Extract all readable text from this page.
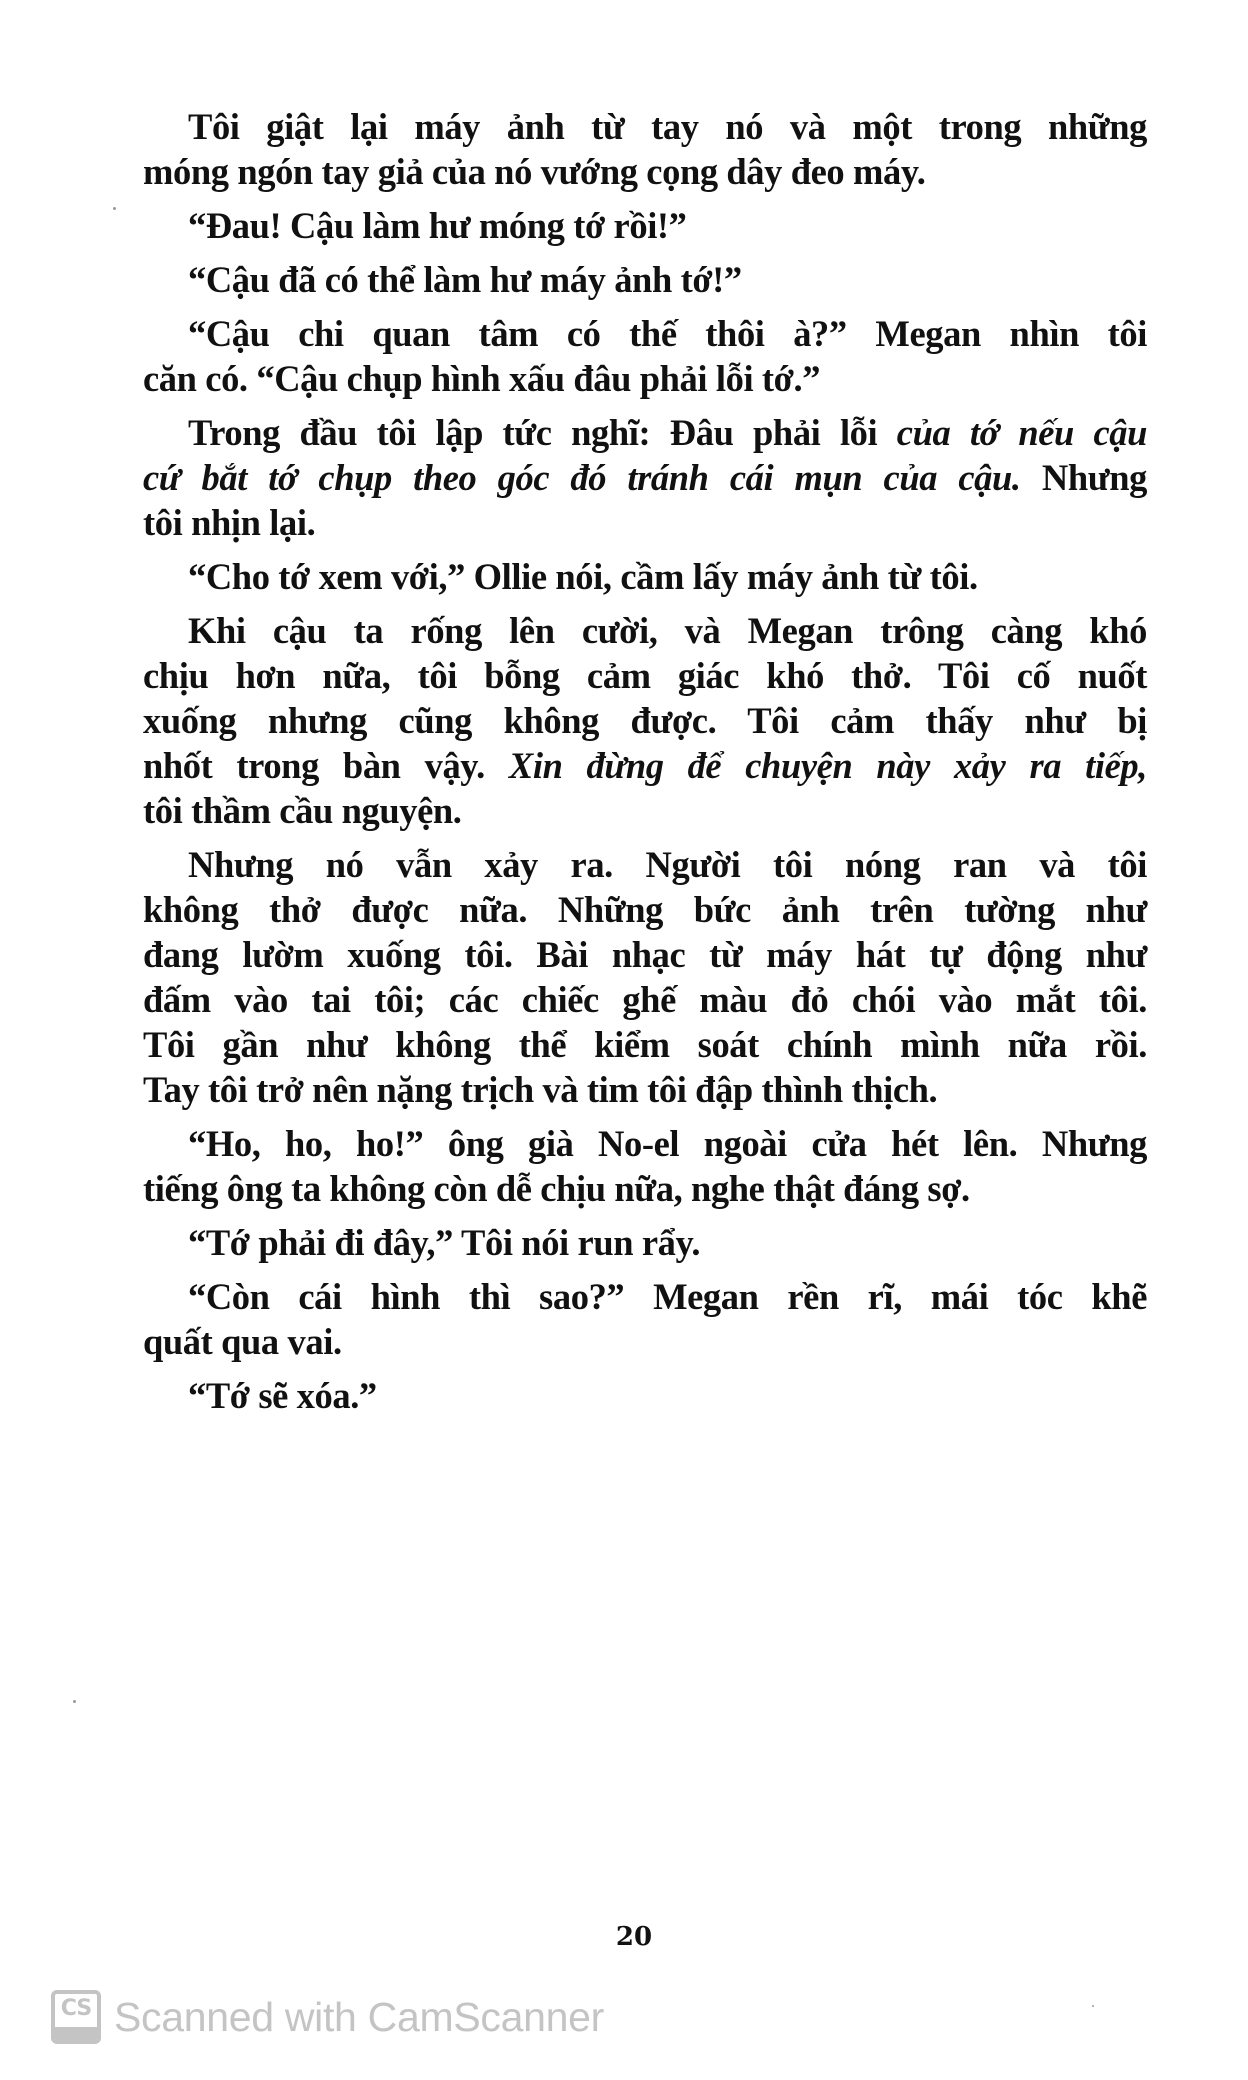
Tôi giật lại máy ảnh từ tay nó và một trong những
móng ngón tay giả của nó vướng cọng dây đeo máy.
“Đau! Cậu làm hư móng tớ rồi!”
“Cậu đã có thể làm hư máy ảnh tớ!”
“Cậu chi quan tâm có thế thôi à?” Megan nhìn tôi
căn có. “Cậu chụp hình xấu đâu phải lỗi tớ.”
Trong đầu tôi lập tức nghĩ: Đâu phải lỗi của tớ nếu cậu
cứ bắt tớ chụp theo góc đó tránh cái mụn của cậu. Nhưng
tôi nhịn lại.
“Cho tớ xem với,” Ollie nói, cầm lấy máy ảnh từ tôi.
Khi cậu ta rống lên cười, và Megan trông càng khó
chịu hơn nữa, tôi bỗng cảm giác khó thở. Tôi cố nuốt
xuống nhưng cũng không được. Tôi cảm thấy như bị
nhốt trong bàn vậy. Xin đừng để chuyện này xảy ra tiếp,
tôi thầm cầu nguyện.
Nhưng nó vẫn xảy ra. Người tôi nóng ran và tôi
không thở được nữa. Những bức ảnh trên tường như
đang lườm xuống tôi. Bài nhạc từ máy hát tự động như
đấm vào tai tôi; các chiếc ghế màu đỏ chói vào mắt tôi.
Tôi gần như không thể kiểm soát chính mình nữa rồi.
Tay tôi trở nên nặng trịch và tim tôi đập thình thịch.
“Ho, ho, ho!” ông già No-el ngoài cửa hét lên. Nhưng
tiếng ông ta không còn dễ chịu nữa, nghe thật đáng sợ.
“Tớ phải đi đây,” Tôi nói run rẩy.
“Còn cái hình thì sao?” Megan rền rĩ, mái tóc khẽ
quất qua vai.
“Tớ sẽ xóa.”
20
CS Scanned with CamScanner
